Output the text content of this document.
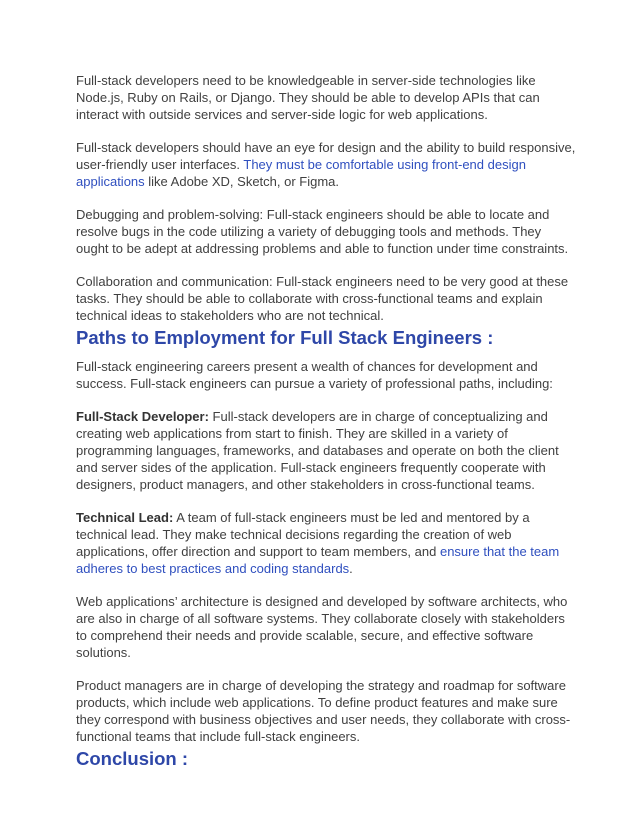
Full-stack developers need to be knowledgeable in server-side technologies like Node.js, Ruby on Rails, or Django. They should be able to develop APIs that can interact with outside services and server-side logic for web applications.

Full-stack developers should have an eye for design and the ability to build responsive, user-friendly user interfaces. They must be comfortable using front-end design applications like Adobe XD, Sketch, or Figma.

Debugging and problem-solving: Full-stack engineers should be able to locate and resolve bugs in the code utilizing a variety of debugging tools and methods. They ought to be adept at addressing problems and able to function under time constraints.

Collaboration and communication: Full-stack engineers need to be very good at these tasks. They should be able to collaborate with cross-functional teams and explain technical ideas to stakeholders who are not technical.

Paths to Employment for Full Stack Engineers :

Full-stack engineering careers present a wealth of chances for development and success. Full-stack engineers can pursue a variety of professional paths, including:

Full-Stack Developer: Full-stack developers are in charge of conceptualizing and creating web applications from start to finish. They are skilled in a variety of programming languages, frameworks, and databases and operate on both the client and server sides of the application. Full-stack engineers frequently cooperate with designers, product managers, and other stakeholders in cross-functional teams.

Technical Lead: A team of full-stack engineers must be led and mentored by a technical lead. They make technical decisions regarding the creation of web applications, offer direction and support to team members, and ensure that the team adheres to best practices and coding standards.

Web applications’ architecture is designed and developed by software architects, who are also in charge of all software systems. They collaborate closely with stakeholders to comprehend their needs and provide scalable, secure, and effective software solutions.

Product managers are in charge of developing the strategy and roadmap for software products, which include web applications. To define product features and make sure they correspond with business objectives and user needs, they collaborate with cross-functional teams that include full-stack engineers.

Conclusion :
